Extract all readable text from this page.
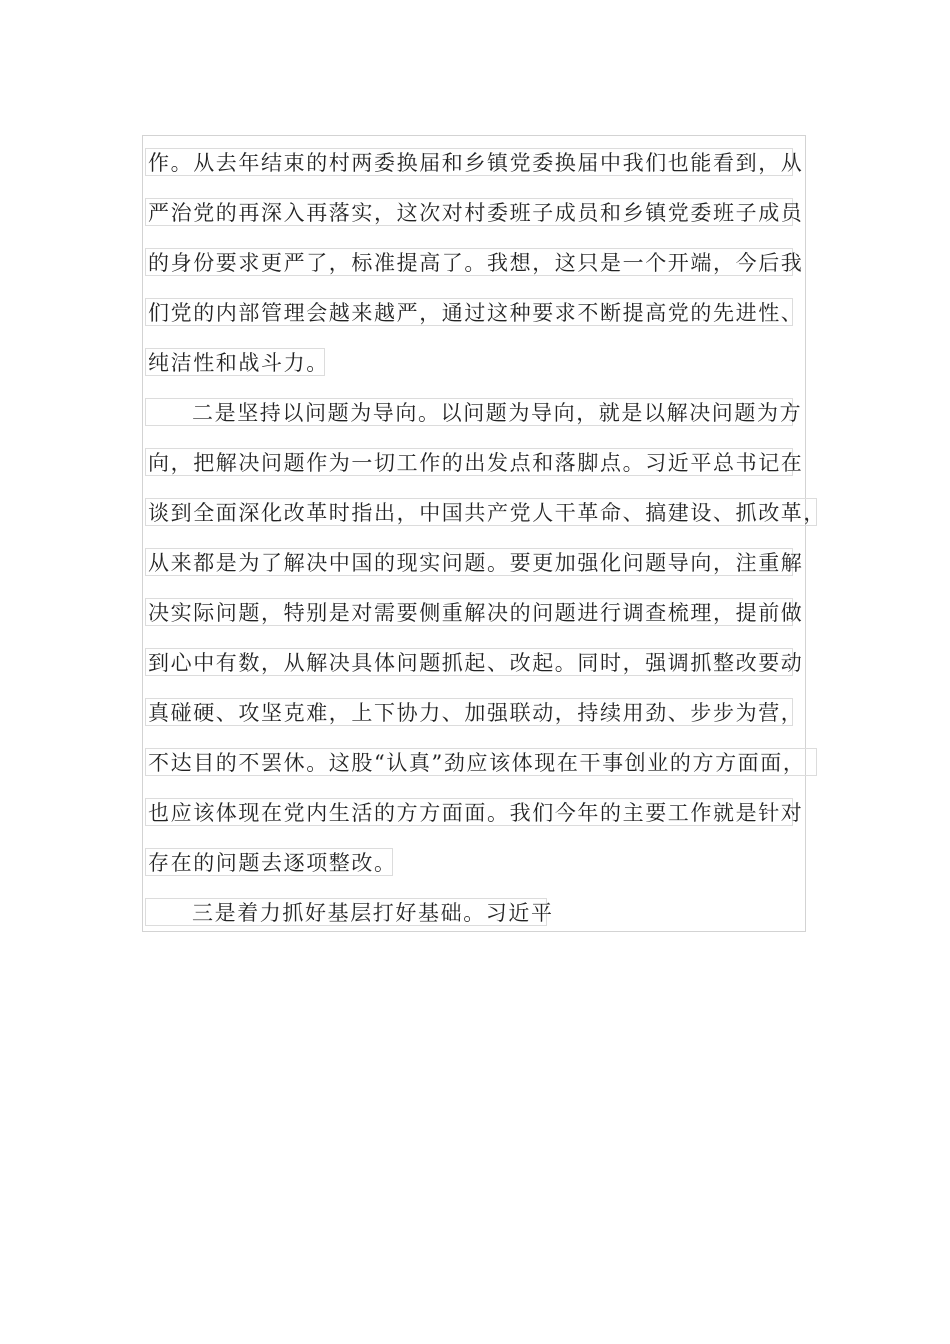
作。从去年结束的村两委换届和乡镇党委换届中我们也能看到，从
严治党的再深入再落实，这次对村委班子成员和乡镇党委班子成员
的身份要求更严了，标准提高了。我想，这只是一个开端，今后我
们党的内部管理会越来越严，通过这种要求不断提高党的先进性、
纯洁性和战斗力。
二是坚持以问题为导向。以问题为导向，就是以解决问题为方
向，把解决问题作为一切工作的出发点和落脚点。习近平总书记在
谈到全面深化改革时指出，中国共产党人干革命、搞建设、抓改革，
从来都是为了解决中国的现实问题。要更加强化问题导向，注重解
决实际问题，特别是对需要侧重解决的问题进行调查梳理，提前做
到心中有数，从解决具体问题抓起、改起。同时，强调抓整改要动
真碰硬、攻坚克难，上下协力、加强联动，持续用劲、步步为营，
不达目的不罢休。这股“认真”劲应该体现在干事创业的方方面面，
也应该体现在党内生活的方方面面。我们今年的主要工作就是针对
存在的问题去逐项整改。
三是着力抓好基层打好基础。习近平
